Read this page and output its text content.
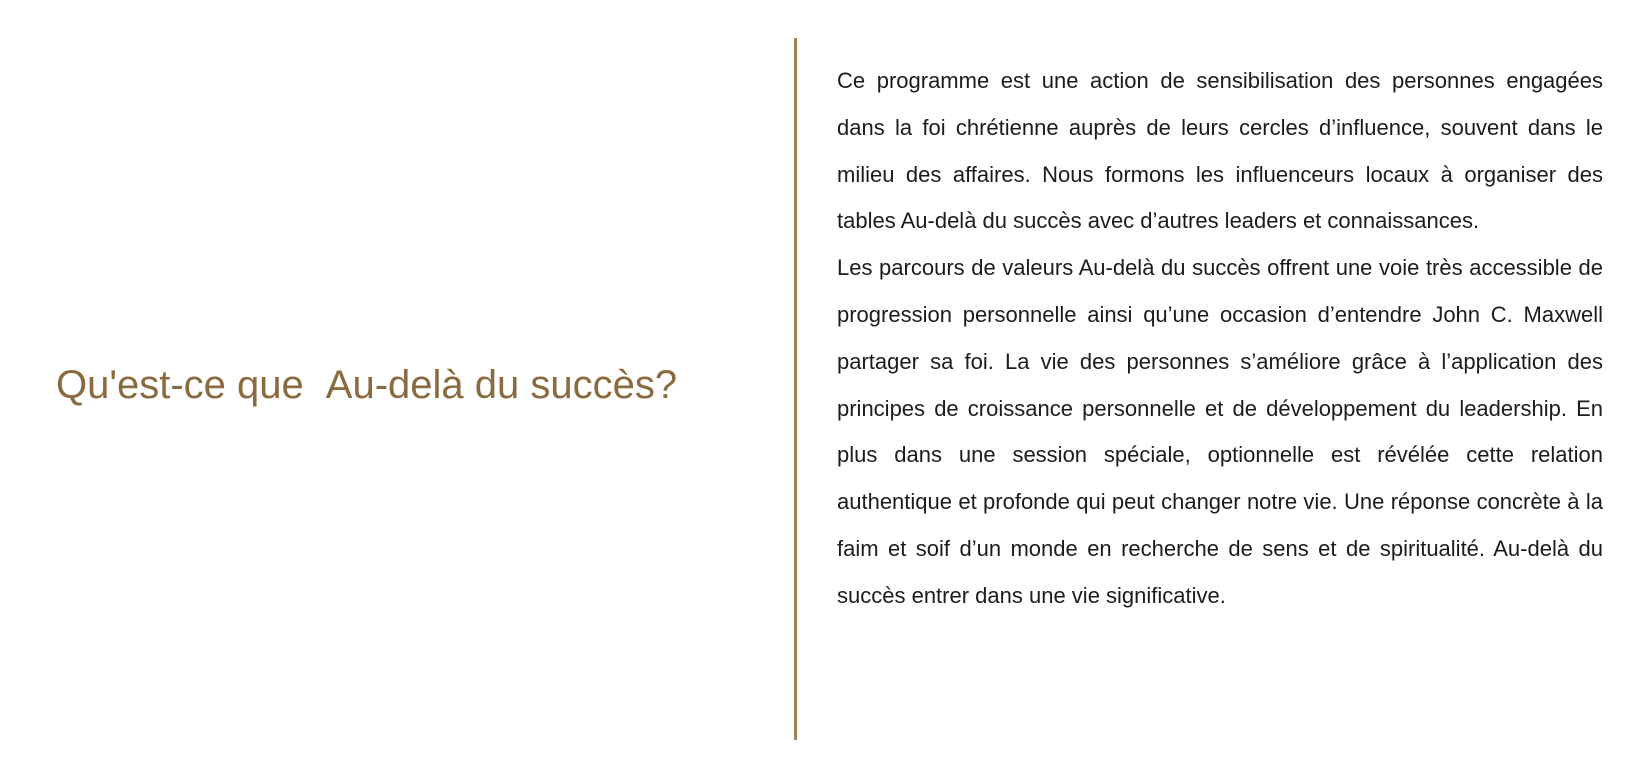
Qu'est-ce que Au-delà du succès?

Ce programme est une action de sensibilisation des personnes engagées dans la foi chrétienne auprès de leurs cercles d’influence, souvent dans le milieu des affaires. Nous formons les influenceurs locaux à organiser des tables Au-delà du succès avec d’autres leaders et connaissances.

Les parcours de valeurs Au-delà du succès offrent une voie très accessible de progression personnelle ainsi qu’une occasion d’entendre John C. Maxwell partager sa foi. La vie des personnes s’améliore grâce à l’application des principes de croissance personnelle et de développement du leadership. En plus dans une session spéciale, optionnelle est révélée cette relation authentique et profonde qui peut changer notre vie. Une réponse concrète à la faim et soif d’un monde en recherche de sens et de spiritualité. Au-delà du succès entrer dans une vie significative.
